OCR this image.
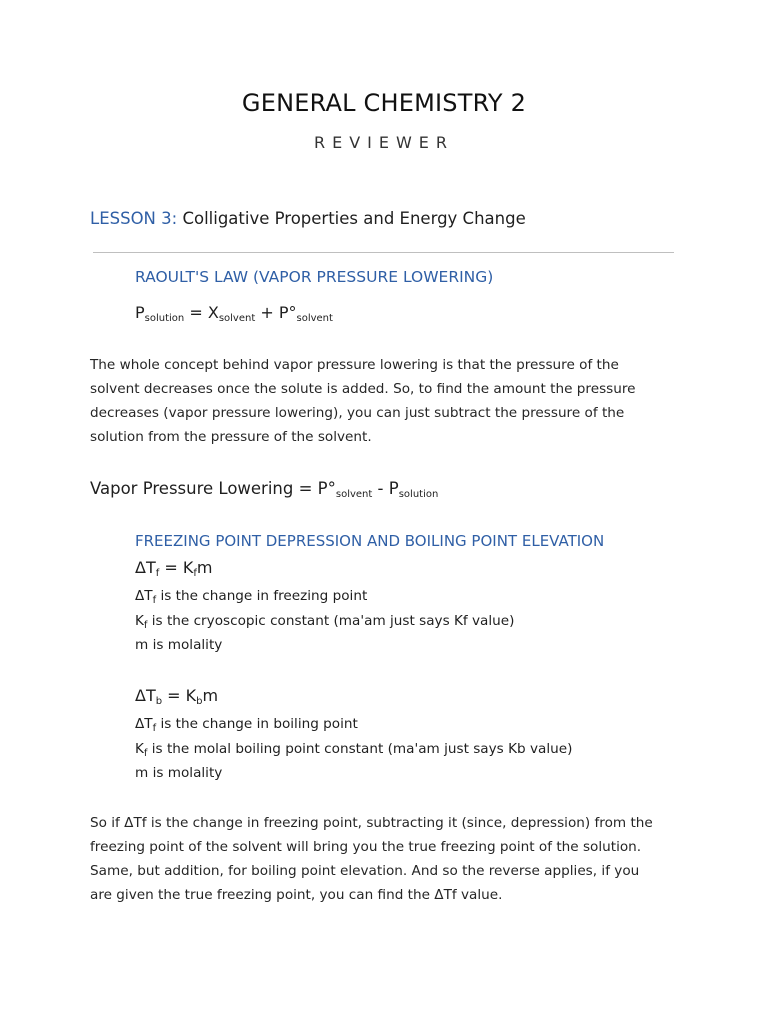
GENERAL CHEMISTRY 2
REVIEWER
LESSON 3: Colligative Properties and Energy Change
RAOULT'S LAW (VAPOR PRESSURE LOWERING)
$P_{solution} = X_{solvent} + P^\circ_{solvent}$

The whole concept behind vapor pressure lowering is that the pressure of the

solvent decreases once the solute is added. So, to find the amount the pressure

decreases (vapor pressure lowering), you can just subtract the pressure of the

solution from the pressure of the solvent.

Vapor Pressure Lowering = $P^\circ_{solvent} - P_{solution}$
FREEZING POINT DEPRESSION AND BOILING POINT ELEVATION
$\Delta T_f = K_fm$
$\Delta T_f$ is the change in freezing point
$K_f$ is the cryoscopic constant (ma'am just says Kf value)
m is molality
$\Delta T_b = K_bm$
$\Delta T_f$ is the change in boiling point
$K_f$ is the molal boiling point constant (ma'am just says Kb value)
m is molality

So if ΔTf is the change in freezing point, subtracting it (since, depression) from the

freezing point of the solvent will bring you the true freezing point of the solution.

Same, but addition, for boiling point elevation. And so the reverse applies, if you

are given the true freezing point, you can find the ΔTf value.
